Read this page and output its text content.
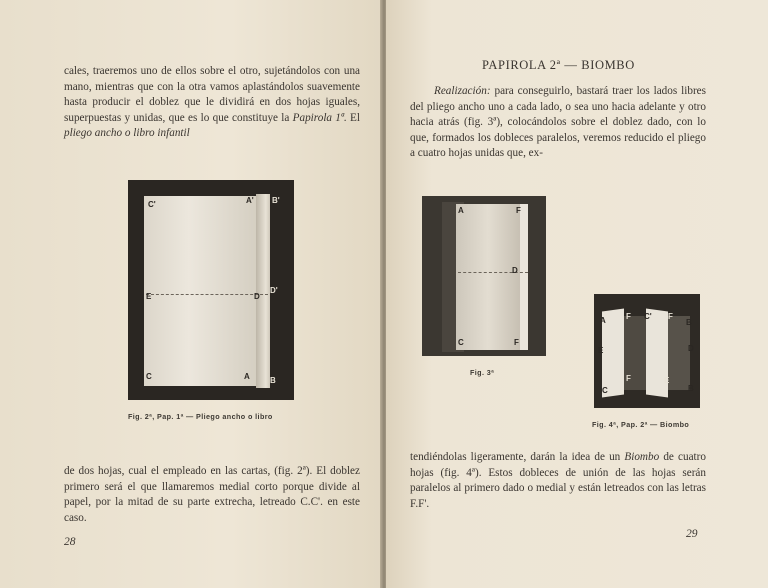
cales, traeremos uno de ellos sobre el otro, sujetándolos con una mano, mientras que con la otra vamos aplastándolos suavemente hasta producir el doblez que le dividirá en dos hojas iguales, superpuestas y unidas, que es lo que constituye la Papirola 1ª. El pliego ancho o libro infantil

C'	A' B'
E	D
D'
C	A	B
Fig. 2ª, Pap. 1ª — Pliego ancho o libro

de dos hojas, cual el empleado en las cartas, (fig. 2ª). El doblez primero será el que llamaremos medial corto porque divide al papel, por la mitad de su parte extrecha, letreado C.C'. en este caso.

28
PAPIROLA 2ª — BIOMBO

Realización: para conseguirlo, bastará traer los lados libres del pliego ancho uno a cada lado, o sea uno hacia adelante y otro hacia atrás (fig. 3ª), colocándolos sobre el doblez dado, con lo que, formados los dobleces paralelos, veremos reducido el pliego a cuatro hojas unidas que, ex-

A	F
D
C	F
Fig. 3ª
A	F C' F
B
E	D
F
C
E
B
Fig. 4ª, Pap. 2ª — Biombo

tendiéndolas ligeramente, darán la idea de un Biombo de cuatro hojas (fig. 4ª). Estos dobleces de unión de las hojas serán paralelos al primero dado o medial y están letreados con las letras F.F'.

29
